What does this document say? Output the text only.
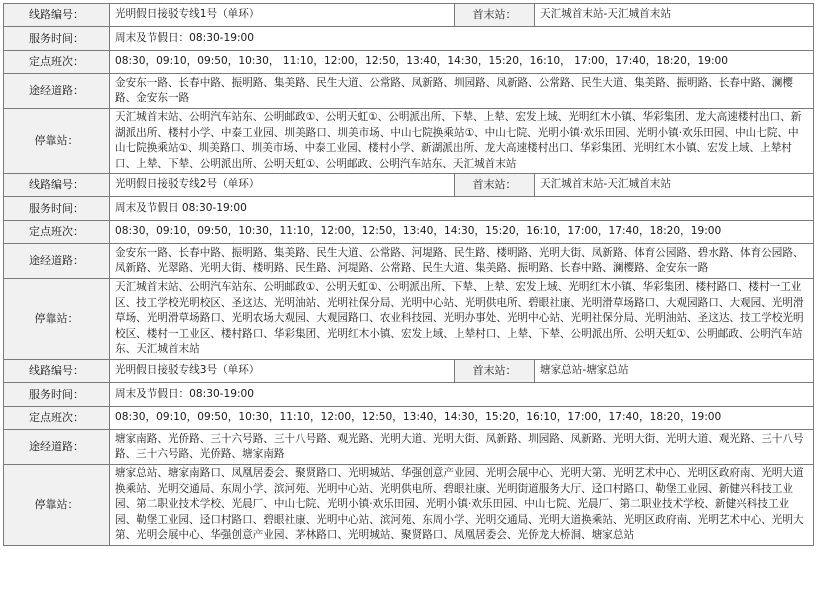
线路编号：	光明假日接驳专线1号（单环）	首末站：	天汇城首末站-天汇城首末站
服务时间：	周末及节假日：08:30-19:00		
定点班次：	08:30，09:10，09:50，10:30， 11:10，12:00，12:50，13:40，14:30，15:20，16:10， 17:00，17:40，18:20，19:00		
途经道路：	金安东一路、长春中路、振明路、集美路、民生大道、公常路、凤新路、圳园路、凤新路、公常路、民生大道、集美路、振明路、长春中路、澜樱路、金安东一路		
停靠站：	天汇城首末站、公明汽车站东、公明邮政①、公明天虹①、公明派出所、下辇、上辇、宏发上域、光明红木小镇、华彩集团、龙大高速楼村出口、新湖派出所、楼村小学、中泰工业园、圳美路口、圳美市场、中山七院换乘站①、中山七院、光明小镇·欢乐田园、光明小镇·欢乐田园、中山七院、中山七院换乘站①、圳美路口、圳美市场、中泰工业园、楼村小学、新湖派出所、龙大高速楼村出口、华彩集团、光明红木小镇、宏发上域、上辇村口、上辇、下辇、公明派出所、公明天虹①、公明邮政、公明汽车站东、天汇城首末站		
线路编号：	光明假日接驳专线2号（单环）	首末站：	天汇城首末站-天汇城首末站
服务时间：	周末及节假日 08:30-19:00		
定点班次：	08:30，09:10，09:50，10:30，11:10，12:00，12:50，13:40，14:30，15:20，16:10，17:00，17:40，18:20，19:00		
途经道路：	金安东一路、长春中路、振明路、集美路、民生大道、公常路、河堤路、民生路、楼明路、光明大街、凤新路、体育公园路、碧水路、体育公园路、凤新路、光翠路、光明大街、楼明路、民生路、河堤路、公常路、民生大道、集美路、振明路、长春中路、澜樱路、金安东一路		
停靠站：	天汇城首末站、公明汽车站东、公明邮政①、公明天虹①、公明派出所、下辇、上辇、宏发上域、光明红木小镇、华彩集团、楼村路口、楼村一工业区、技工学校光明校区、圣这达、光明油站、光明社保分局、光明中心站、光明供电所、碧眼社康、光明滑草场路口、大观园路口、大观园、光明滑草场、光明滑草场路口、光明农场大观园、大观园路口、农业科技园、光明办事处、光明中心站、光明社保分局、光明油站、圣这达、技工学校光明校区、楼村一工业区、楼村路口、华彩集团、光明红木小镇、宏发上域、上辇村口、上辇、下辇、公明派出所、公明天虹①、公明邮政、公明汽车站东、天汇城首末站		
线路编号：	光明假日接驳专线3号（单环）	首末站：	塘家总站-塘家总站
服务时间：	周末及节假日：08:30-19:00		
定点班次：	08:30，09:10，09:50，10:30，11:10，12:00，12:50，13:40，14:30，15:20，16:10，17:00，17:40，18:20，19:00		
途经道路：	塘家南路、光侨路、三十六号路、三十八号路、观光路、光明大道、光明大街、凤新路、圳园路、凤新路、光明大街、光明大道、观光路、三十八号路、三十六号路、光侨路、塘家南路		
停靠站：	塘家总站、塘家南路口、凤凰居委会、聚贤路口、光明城站、华强创意产业园、光明会展中心、光明大第、光明艺术中心、光明区政府南、光明大道换乘站、光明交通局、东周小学、滨河苑、光明中心站、光明供电所、碧眼社康、光明街道服务大厅、迳口村路口、勒堡工业园、新健兴科技工业园、第二职业技术学校、光晨厂、中山七院、光明小镇·欢乐田园、光明小镇·欢乐田园、中山七院、光晨厂、第二职业技术学校、新健兴科技工业园、勒堡工业园、迳口村路口、碧眼社康、光明中心站、滨河苑、东周小学、光明交通局、光明大道换乘站、光明区政府南、光明艺术中心、光明大第、光明会展中心、华强创意产业园、茅林路口、光明城站、聚贤路口、凤凰居委会、光侨龙大桥洞、塘家总站		
